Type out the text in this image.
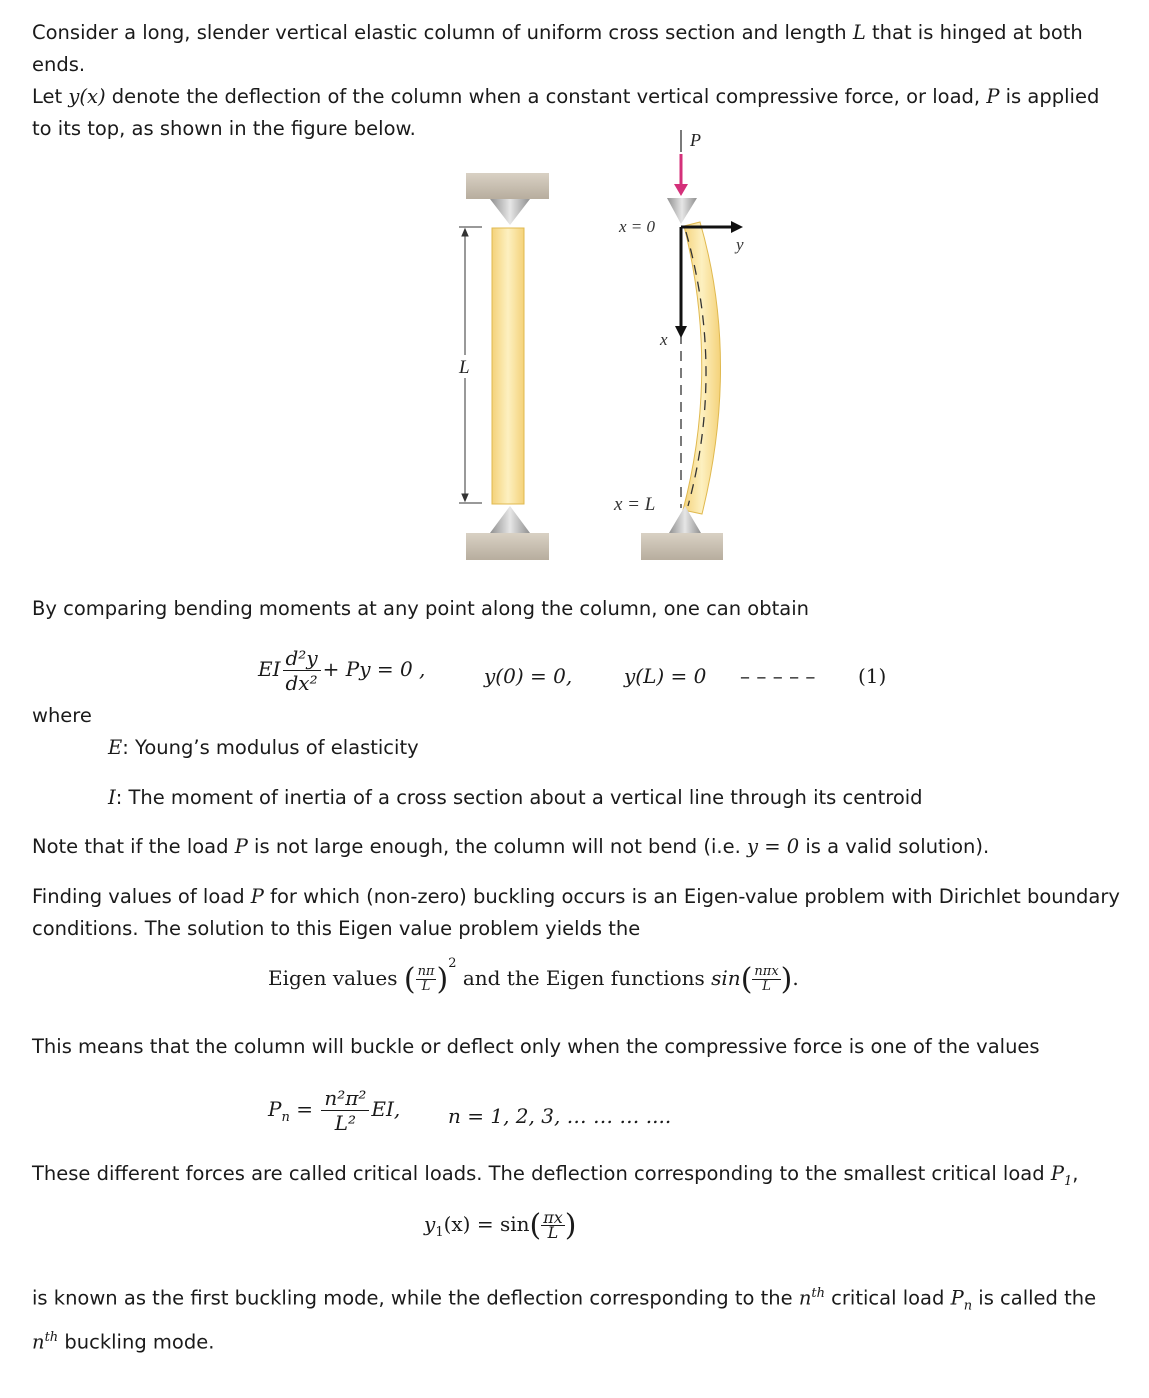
Consider a long, slender vertical elastic column of uniform cross section and length L that is hinged at both ends.
Let y(x) denote the deflection of the column when a constant vertical compressive force, or load, P is applied
to its top, as shown in the figure below.

L
P
x = 0
y
x
x = L

By comparing bending moments at any point along the column, one can obtain

EI $\frac{\text{d²y}}{\text{dx²}} + Py = 0$ ,	y(0) = 0,	y(L) = 0 – – – – – (1)

where

E: Young’s modulus of elasticity

I: The moment of inertia of a cross section about a vertical line through its centroid

Note that if the load P is not large enough, the column will not bend (i.e. y = 0 is a valid solution).

Finding values of load P for which (non-zero) buckling occurs is an Eigen-value problem with Dirichlet boundary
conditions. The solution to this Eigen value problem yields the

Eigen values ( $\frac{n\pi}{L} )^2$ and the Eigen functions sin( nπx
L ).

This means that the column will buckle or deflect only when the compressive force is one of the values

$P_n = \frac{\text{n²π²}}{\text{L²}}$ EI, n = 1, 2, 3, … … … ....

These different forces are called critical loads. The deflection corresponding to the smallest critical load $P_1$,

$y_1(x) = \sin( \frac{\pi x}{L}$ )

is known as the first buckling mode, while the deflection corresponding to the $n^{th}$ critical load $P_n$ is called the
$n^{th}$ buckling mode.
